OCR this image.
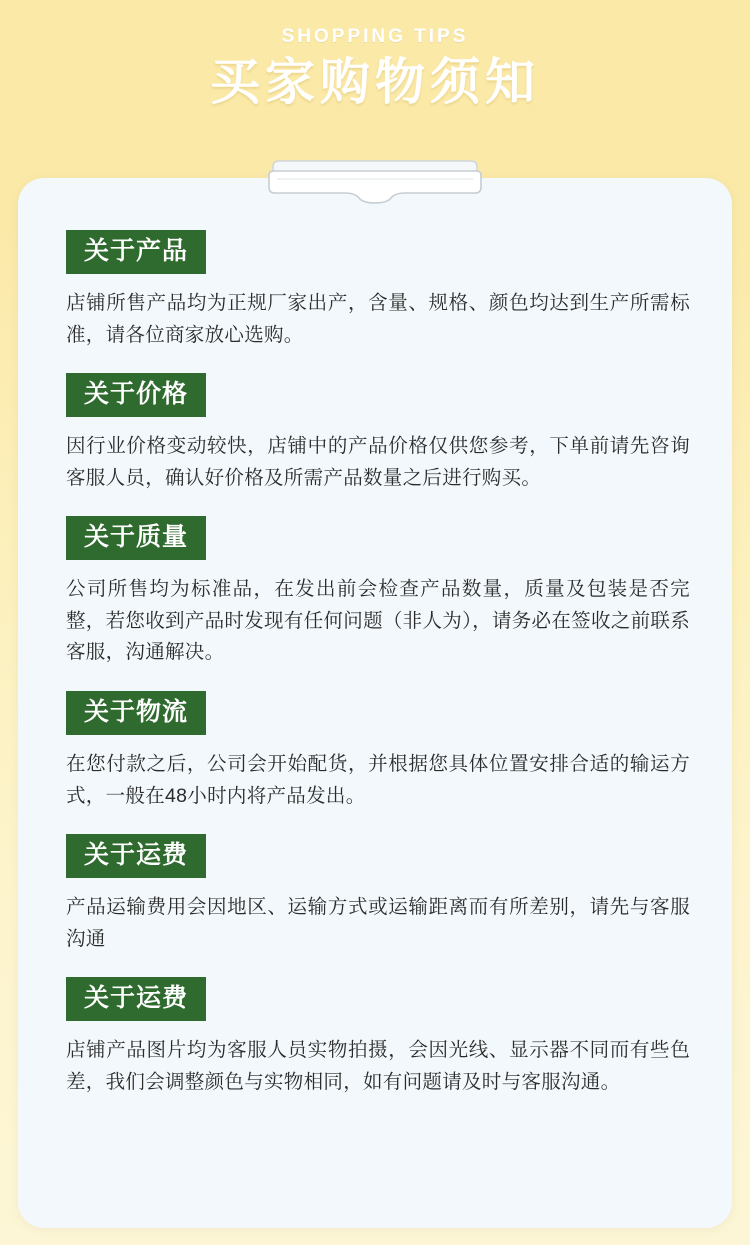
SHOPPING TIPS
买家购物须知
关于产品
店铺所售产品均为正规厂家出产，含量、规格、颜色均达到生产所需标准，请各位商家放心选购。
关于价格
因行业价格变动较快，店铺中的产品价格仅供您参考，下单前请先咨询客服人员，确认好价格及所需产品数量之后进行购买。
关于质量
公司所售均为标准品，在发出前会检查产品数量，质量及包装是否完整，若您收到产品时发现有任何问题（非人为），请务必在签收之前联系客服，沟通解决。
关于物流
在您付款之后，公司会开始配货，并根据您具体位置安排合适的输运方式，一般在48小时内将产品发出。
关于运费
产品运输费用会因地区、运输方式或运输距离而有所差别，请先与客服沟通
关于运费
店铺产品图片均为客服人员实物拍摄，会因光线、显示器不同而有些色差，我们会调整颜色与实物相同，如有问题请及时与客服沟通。
